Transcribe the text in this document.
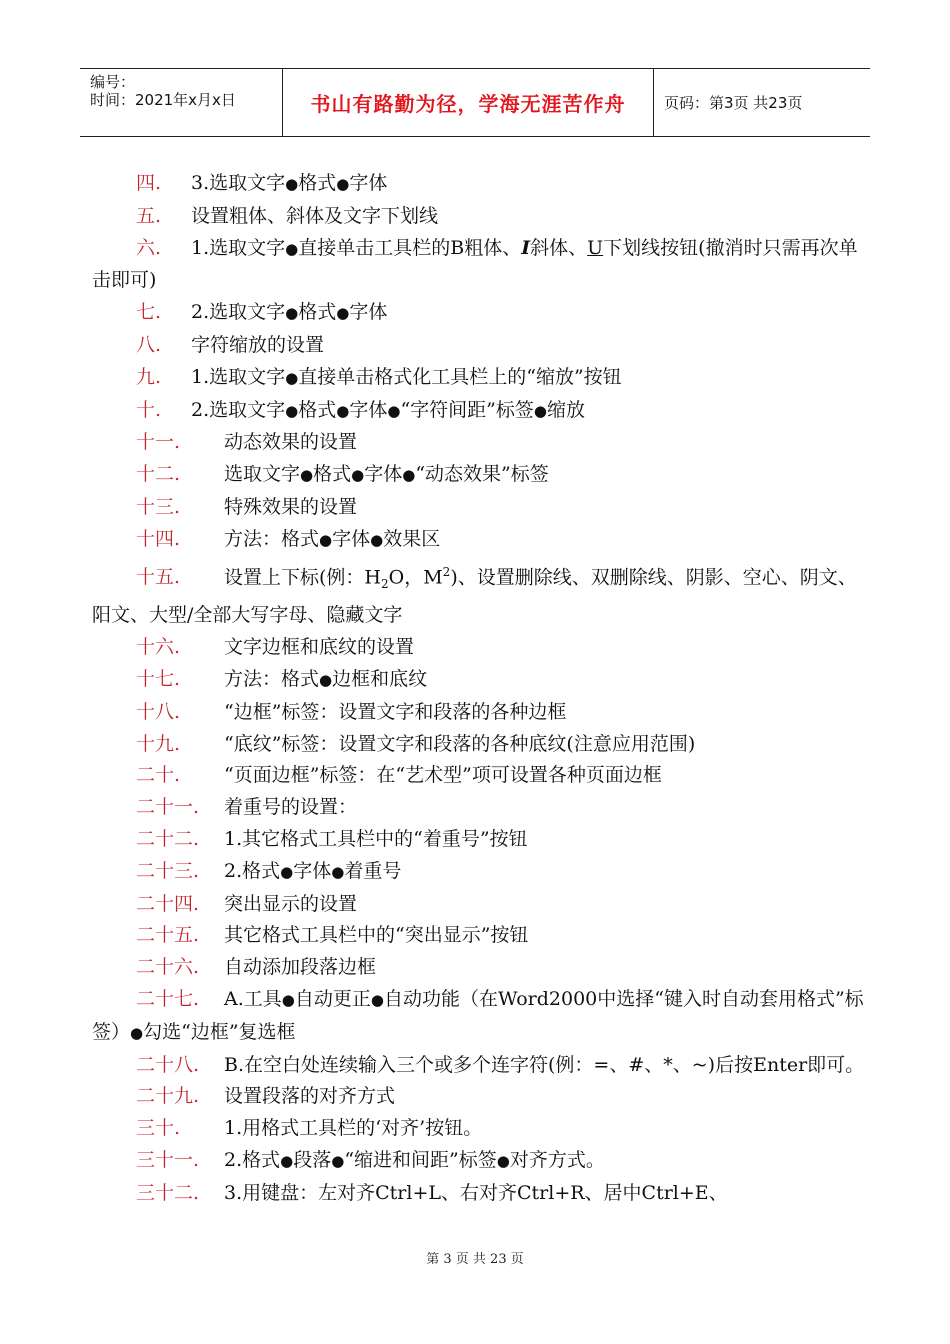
编号：
时间：2021年x月x日	书山有路勤为径，学海无涯苦作舟	页码：第3页 共23页

四. 3.选取文字●格式●字体

五. 设置粗体、斜体及文字下划线

六. 1.选取文字●直接单击工具栏的B粗体、I斜体、U下划线按钮(撤消时只需再次单击即可)

七. 2.选取文字●格式●字体

八. 字符缩放的设置

九. 1.选取文字●直接单击格式化工具栏上的“缩放”按钮

十. 2.选取文字●格式●字体●“字符间距”标签●缩放

十一. 动态效果的设置

十二. 选取文字●格式●字体●“动态效果”标签

十三. 特殊效果的设置

十四. 方法：格式●字体●效果区

十五. 设置上下标(例：$H_2O$，$M^2$)、设置删除线、双删除线、阴影、空心、阴文、阳文、大型/全部大写字母、隐藏文字

十六. 文字边框和底纹的设置

十七. 方法：格式●边框和底纹

十八. “边框”标签：设置文字和段落的各种边框

十九. “底纹”标签：设置文字和段落的各种底纹(注意应用范围)

二十. “页面边框”标签：在“艺术型”项可设置各种页面边框

二十一. 着重号的设置：

二十二. 1.其它格式工具栏中的“着重号”按钮

二十三. 2.格式●字体●着重号

二十四. 突出显示的设置

二十五. 其它格式工具栏中的“突出显示”按钮

二十六. 自动添加段落边框

二十七. A.工具●自动更正●自动功能（在Word2000中选择“键入时自动套用格式”标签）●勾选“边框”复选框

二十八. B.在空白处连续输入三个或多个连字符(例：=、#、*、~)后按Enter即可。

二十九. 设置段落的对齐方式

三十. 1.用格式工具栏的‘对齐’按钮。

三十一. 2.格式●段落●“缩进和间距”标签●对齐方式。

三十二. 3.用键盘：左对齐Ctrl+L、右对齐Ctrl+R、居中Ctrl+E、

第 3 页 共 23 页
